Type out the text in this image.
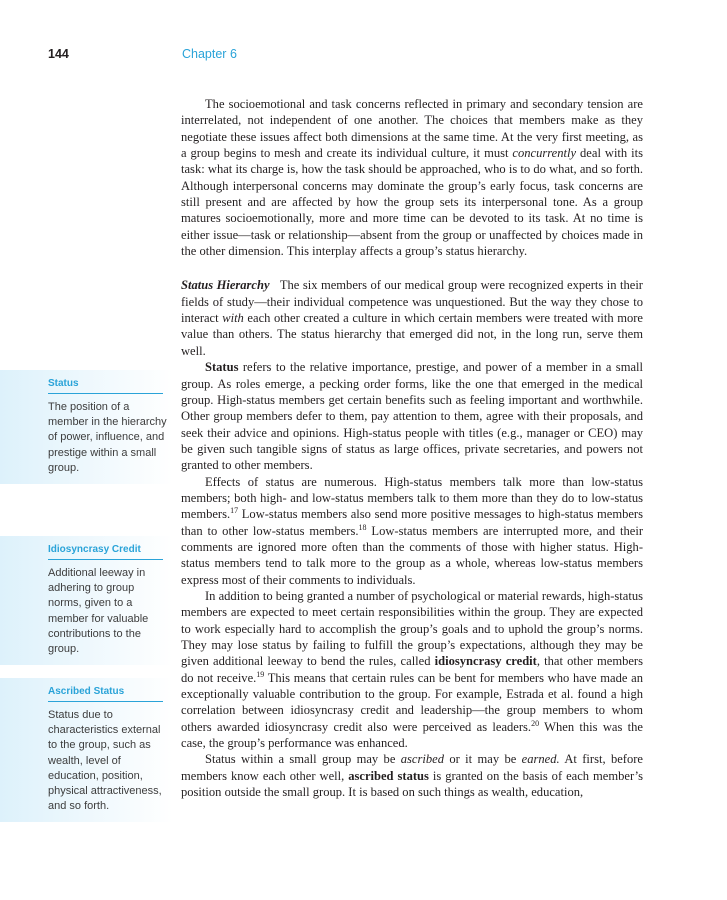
144	Chapter 6
Status
The position of a member in the hierarchy of power, influence, and prestige within a small group.
Idiosyncrasy Credit
Additional leeway in adhering to group norms, given to a member for valuable contributions to the group.
Ascribed Status
Status due to characteristics external to the group, such as wealth, level of education, position, physical attractiveness, and so forth.

The socioemotional and task concerns reflected in primary and secondary tension are interrelated, not independent of one another. The choices that members make as they negotiate these issues affect both dimensions at the same time. At the very first meeting, as a group begins to mesh and create its individual culture, it must concurrently deal with its task: what its charge is, how the task should be approached, who is to do what, and so forth. Although interpersonal concerns may dominate the group’s early focus, task concerns are still present and are affected by how the group sets its interpersonal tone. As a group matures socioemotionally, more and more time can be devoted to its task. At no time is either issue—task or relationship—absent from the group or unaffected by choices made in the other dimension. This interplay affects a group’s status hierarchy.

Status Hierarchy   The six members of our medical group were recognized experts in their fields of study—their individual competence was unquestioned. But the way they chose to interact with each other created a culture in which certain members were treated with more value than others. The status hierarchy that emerged did not, in the long run, serve them well.

Status refers to the relative importance, prestige, and power of a member in a small group. As roles emerge, a pecking order forms, like the one that emerged in the medical group. High-status members get certain benefits such as feeling important and worthwhile. Other group members defer to them, pay attention to them, agree with their proposals, and seek their advice and opinions. High-status people with titles (e.g., manager or CEO) may be given such tangible signs of status as large offices, private secretaries, and powers not granted to other members.

Effects of status are numerous. High-status members talk more than low-status members; both high- and low-status members talk to them more than they do to low-status members.$^{17}$ Low-status members also send more positive messages to high-status members than to other low-status members.$^{18}$ Low-status members are interrupted more, and their comments are ignored more often than the comments of those with higher status. High-status members tend to talk more to the group as a whole, whereas low-status members express most of their comments to individuals.

In addition to being granted a number of psychological or material rewards, high-status members are expected to meet certain responsibilities within the group. They are expected to work especially hard to accomplish the group’s goals and to uphold the group’s norms. They may lose status by failing to fulfill the group’s expectations, although they may be given additional leeway to bend the rules, called idiosyncrasy credit, that other members do not receive.$^{19}$ This means that certain rules can be bent for members who have made an exceptionally valuable contribution to the group. For example, Estrada et al. found a high correlation between idiosyncrasy credit and leadership—the group members to whom others awarded idiosyncrasy credit also were perceived as leaders.$^{20}$ When this was the case, the group’s performance was enhanced.

Status within a small group may be ascribed or it may be earned. At first, before members know each other well, ascribed status is granted on the basis of each member’s position outside the small group. It is based on such things as wealth, education,
